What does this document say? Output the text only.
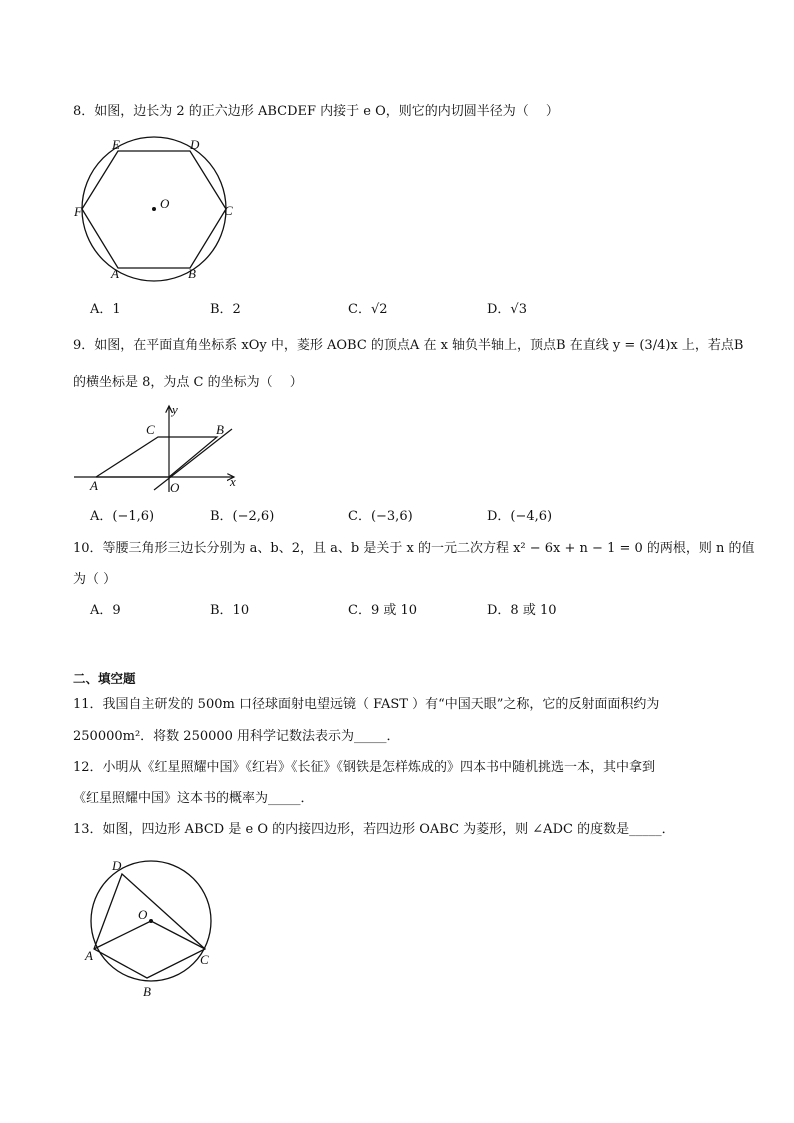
8．如图，边长为 2 的正六边形 ABCDEF 内接于 e O，则它的内切圆半径为（　 ）
O
E	D
F	C
A	B
A．1	B．2	C．√2	D．√3
9．如图，在平面直角坐标系 xOy 中，菱形 AOBC 的顶点A 在 x 轴负半轴上，顶点B 在直线 y = (3/4)x 上，若点B
的横坐标是 8，为点 C 的坐标为（　 ）
y
x
C	B
A	O
A．(−1,6)	B．(−2,6)	C．(−3,6)	D．(−4,6)
10．等腰三角形三边长分别为 a、b、2，且 a、b 是关于 x 的一元二次方程 x² − 6x + n − 1 = 0 的两根，则 n 的值
为（ ）
A．9	B．10	C．9 或 10	D．8 或 10
二、填空题
11．我国自主研发的 500m 口径球面射电望远镜（ FAST ）有“中国天眼”之称，它的反射面面积约为
250000m²．将数 250000 用科学记数法表示为_____．
12．小明从《红星照耀中国》《红岩》《长征》《钢铁是怎样炼成的》四本书中随机挑选一本，其中拿到
《红星照耀中国》这本书的概率为_____．
13．如图，四边形 ABCD 是 e O 的内接四边形，若四边形 OABC 为菱形，则 ∠ADC 的度数是_____．
D
O
A	C
B
